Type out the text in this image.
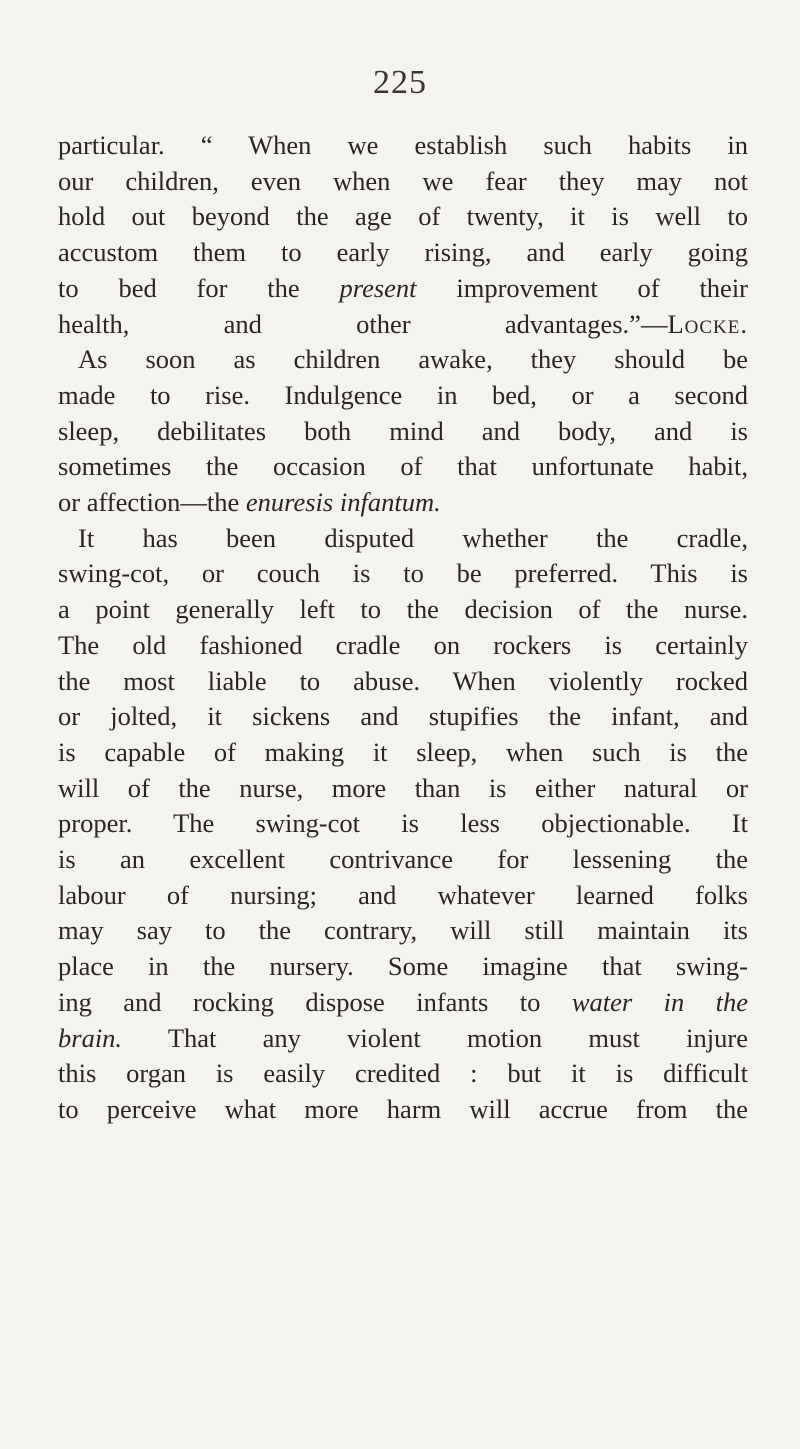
225
particular. “ When we establish such habits in
our children, even when we fear they may not
hold out beyond the age of twenty, it is well to
accustom them to early rising, and early going
to bed for the present improvement of their
health, and other advantages.”—Locke.
As soon as children awake, they should be
made to rise. Indulgence in bed, or a second
sleep, debilitates both mind and body, and is
sometimes the occasion of that unfortunate habit,
or affection—the enuresis infantum.
It has been disputed whether the cradle,
swing-cot, or couch is to be preferred. This is
a point generally left to the decision of the nurse.
The old fashioned cradle on rockers is certainly
the most liable to abuse. When violently rocked
or jolted, it sickens and stupifies the infant, and
is capable of making it sleep, when such is the
will of the nurse, more than is either natural or
proper. The swing-cot is less objectionable. It
is an excellent contrivance for lessening the
labour of nursing; and whatever learned folks
may say to the contrary, will still maintain its
place in the nursery. Some imagine that swing-
ing and rocking dispose infants to water in the
brain. That any violent motion must injure
this organ is easily credited : but it is difficult
to perceive what more harm will accrue from the
